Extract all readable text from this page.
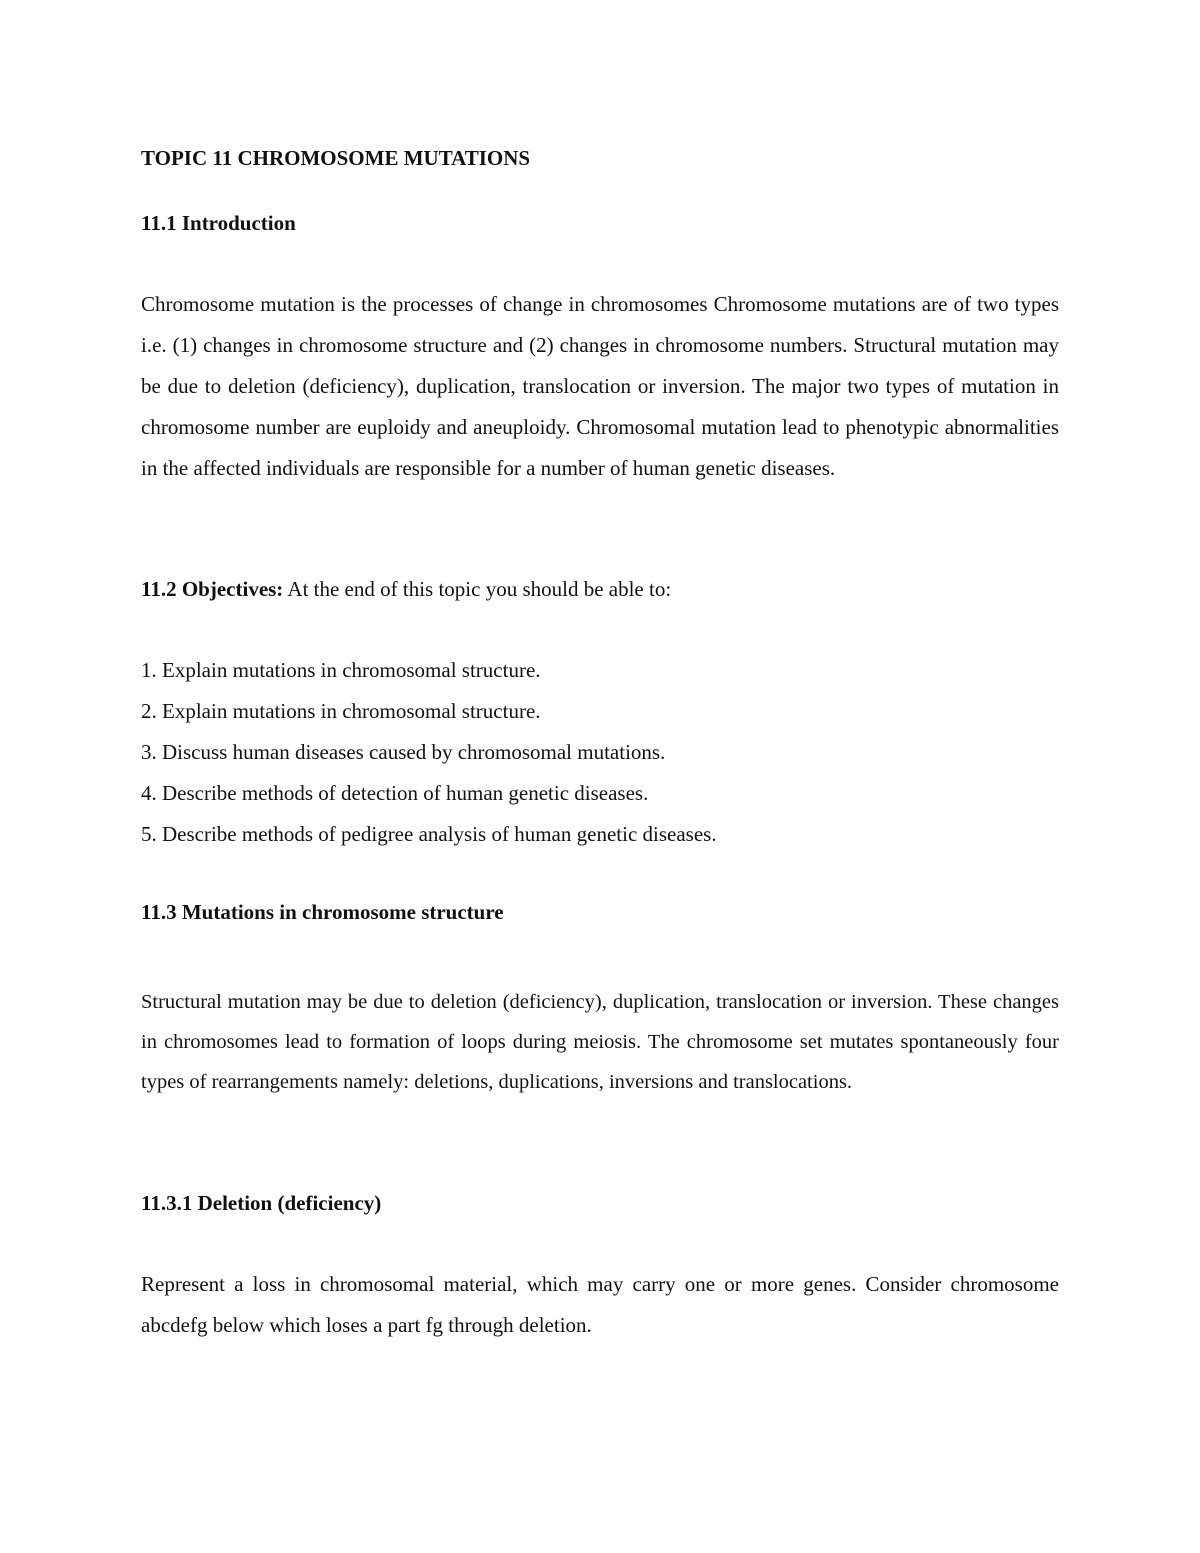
TOPIC 11 CHROMOSOME MUTATIONS
11.1 Introduction

Chromosome mutation is the processes of change in chromosomes Chromosome mutations are of two types i.e. (1) changes in chromosome structure and (2) changes in chromosome numbers. Structural mutation may be due to deletion (deficiency), duplication, translocation or inversion. The major two types of mutation in chromosome number are euploidy and aneuploidy. Chromosomal mutation lead to phenotypic abnormalities in the affected individuals are responsible for a number of human genetic diseases.

11.2 Objectives: At the end of this topic you should be able to:
1. Explain mutations in chromosomal structure.
2. Explain mutations in chromosomal structure.
3. Discuss human diseases caused by chromosomal mutations.
4. Describe methods of detection of human genetic diseases.
5. Describe methods of pedigree analysis of human genetic diseases.
11.3 Mutations in chromosome structure

Structural mutation may be due to deletion (deficiency), duplication, translocation or inversion. These changes in chromosomes lead to formation of loops during meiosis. The chromosome set mutates spontaneously four types of rearrangements namely: deletions, duplications, inversions and translocations.

11.3.1 Deletion (deficiency)

Represent a loss in chromosomal material, which may carry one or more genes. Consider chromosome abcdefg below which loses a part fg through deletion.
